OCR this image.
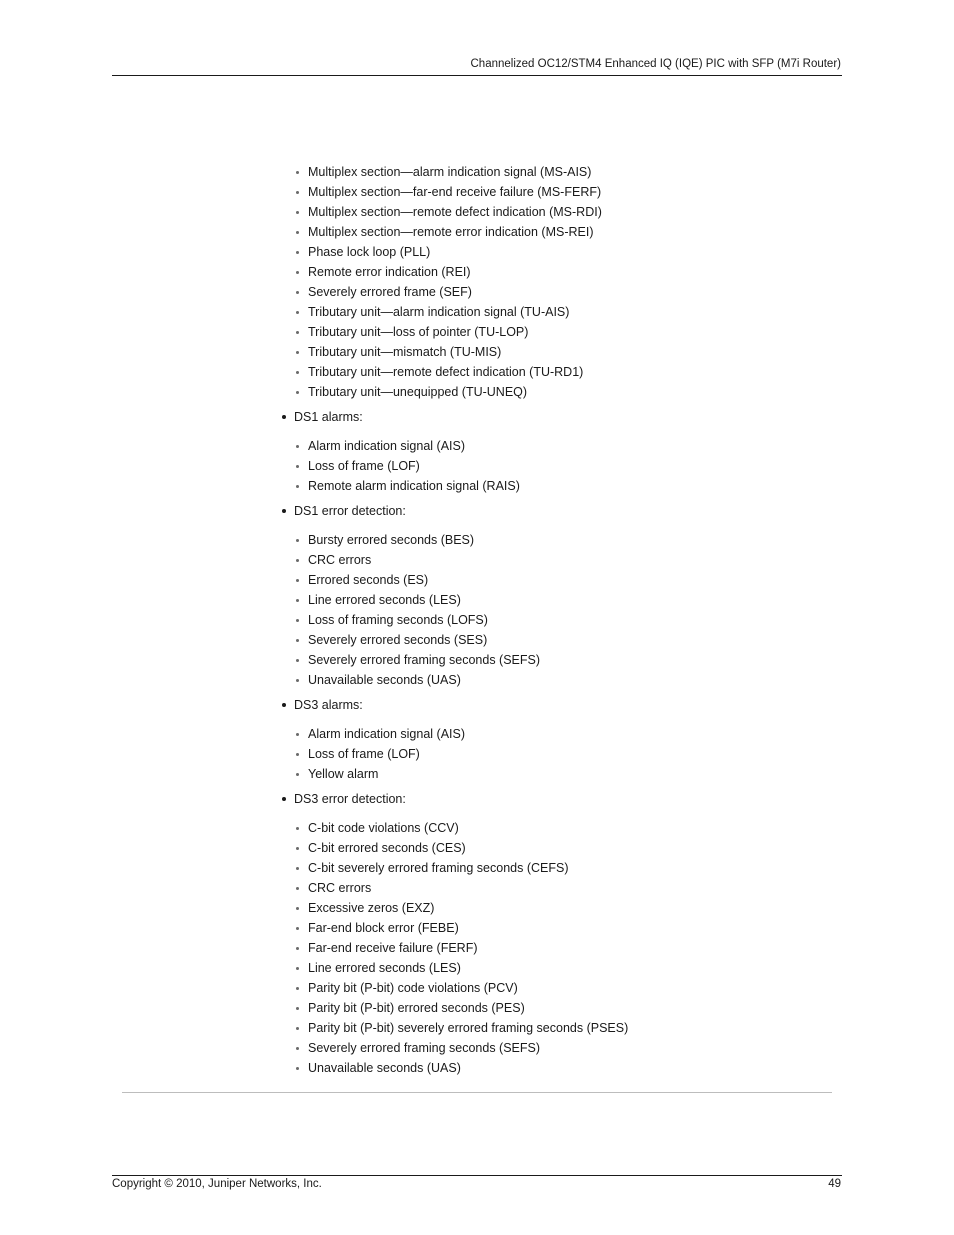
Channelized OC12/STM4 Enhanced IQ (IQE) PIC with SFP (M7i Router)
Multiplex section—alarm indication signal (MS-AIS)
Multiplex section—far-end receive failure (MS-FERF)
Multiplex section—remote defect indication (MS-RDI)
Multiplex section—remote error indication (MS-REI)
Phase lock loop (PLL)
Remote error indication (REI)
Severely errored frame (SEF)
Tributary unit—alarm indication signal (TU-AIS)
Tributary unit—loss of pointer (TU-LOP)
Tributary unit—mismatch (TU-MIS)
Tributary unit—remote defect indication (TU-RD1)
Tributary unit—unequipped (TU-UNEQ)
DS1 alarms:
Alarm indication signal (AIS)
Loss of frame (LOF)
Remote alarm indication signal (RAIS)
DS1 error detection:
Bursty errored seconds (BES)
CRC errors
Errored seconds (ES)
Line errored seconds (LES)
Loss of framing seconds (LOFS)
Severely errored seconds (SES)
Severely errored framing seconds (SEFS)
Unavailable seconds (UAS)
DS3 alarms:
Alarm indication signal (AIS)
Loss of frame (LOF)
Yellow alarm
DS3 error detection:
C-bit code violations (CCV)
C-bit errored seconds (CES)
C-bit severely errored framing seconds (CEFS)
CRC errors
Excessive zeros (EXZ)
Far-end block error (FEBE)
Far-end receive failure (FERF)
Line errored seconds (LES)
Parity bit (P-bit) code violations (PCV)
Parity bit (P-bit) errored seconds (PES)
Parity bit (P-bit) severely errored framing seconds (PSES)
Severely errored framing seconds (SEFS)
Unavailable seconds (UAS)
Copyright © 2010, Juniper Networks, Inc.	49
